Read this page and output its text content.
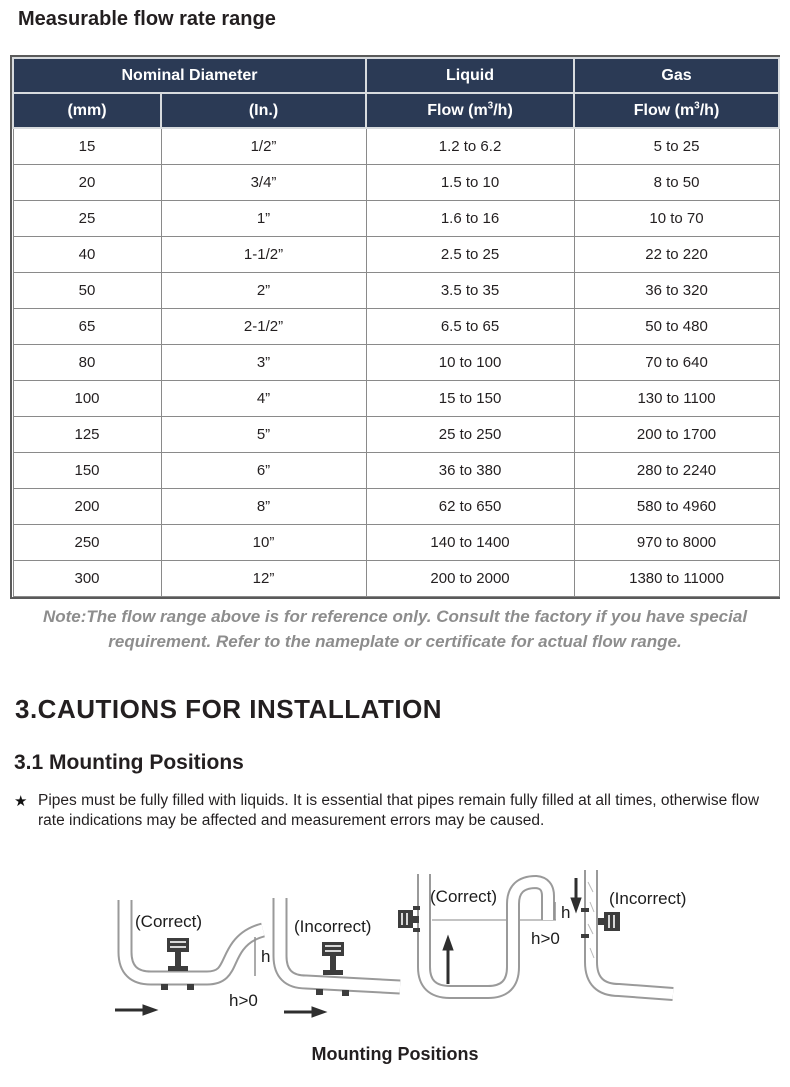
Measurable flow rate range
Nominal Diameter		Liquid	Gas
(mm)	(In.)	Flow $(m^3/h)$	Flow $(m^3/h)$
15	1/2”	1.2 to 6.2	5 to 25
20	3/4”	1.5 to 10	8 to 50
25	1”	1.6 to 16	10 to 70
40	1-1/2”	2.5 to 25	22 to 220
50	2”	3.5 to 35	36 to 320
65	2-1/2”	6.5 to 65	50 to 480
80	3”	10 to 100	70 to 640
100	4”	15 to 150	130 to 1100
125	5”	25 to 250	200 to 1700
150	6”	36 to 380	280 to 2240
200	8”	62 to 650	580 to 4960
250	10”	140 to 1400	970 to 8000
300	12”	200 to 2000	1380 to 11000
Note:The flow range above is for reference only. Consult the factory if you have special
requirement. Refer to the nameplate or certificate for actual flow range.
3.CAUTIONS FOR INSTALLATION
3.1 Mounting Positions
★ Pipes must be fully filled with liquids. It is essential that pipes remain fully filled at all times, otherwise flow rate indications may be affected and measurement errors may be caused.
(Correct)
h
h>0
(Incorrect)
(Correct)
h
h>0
(Incorrect)
Mounting Positions
